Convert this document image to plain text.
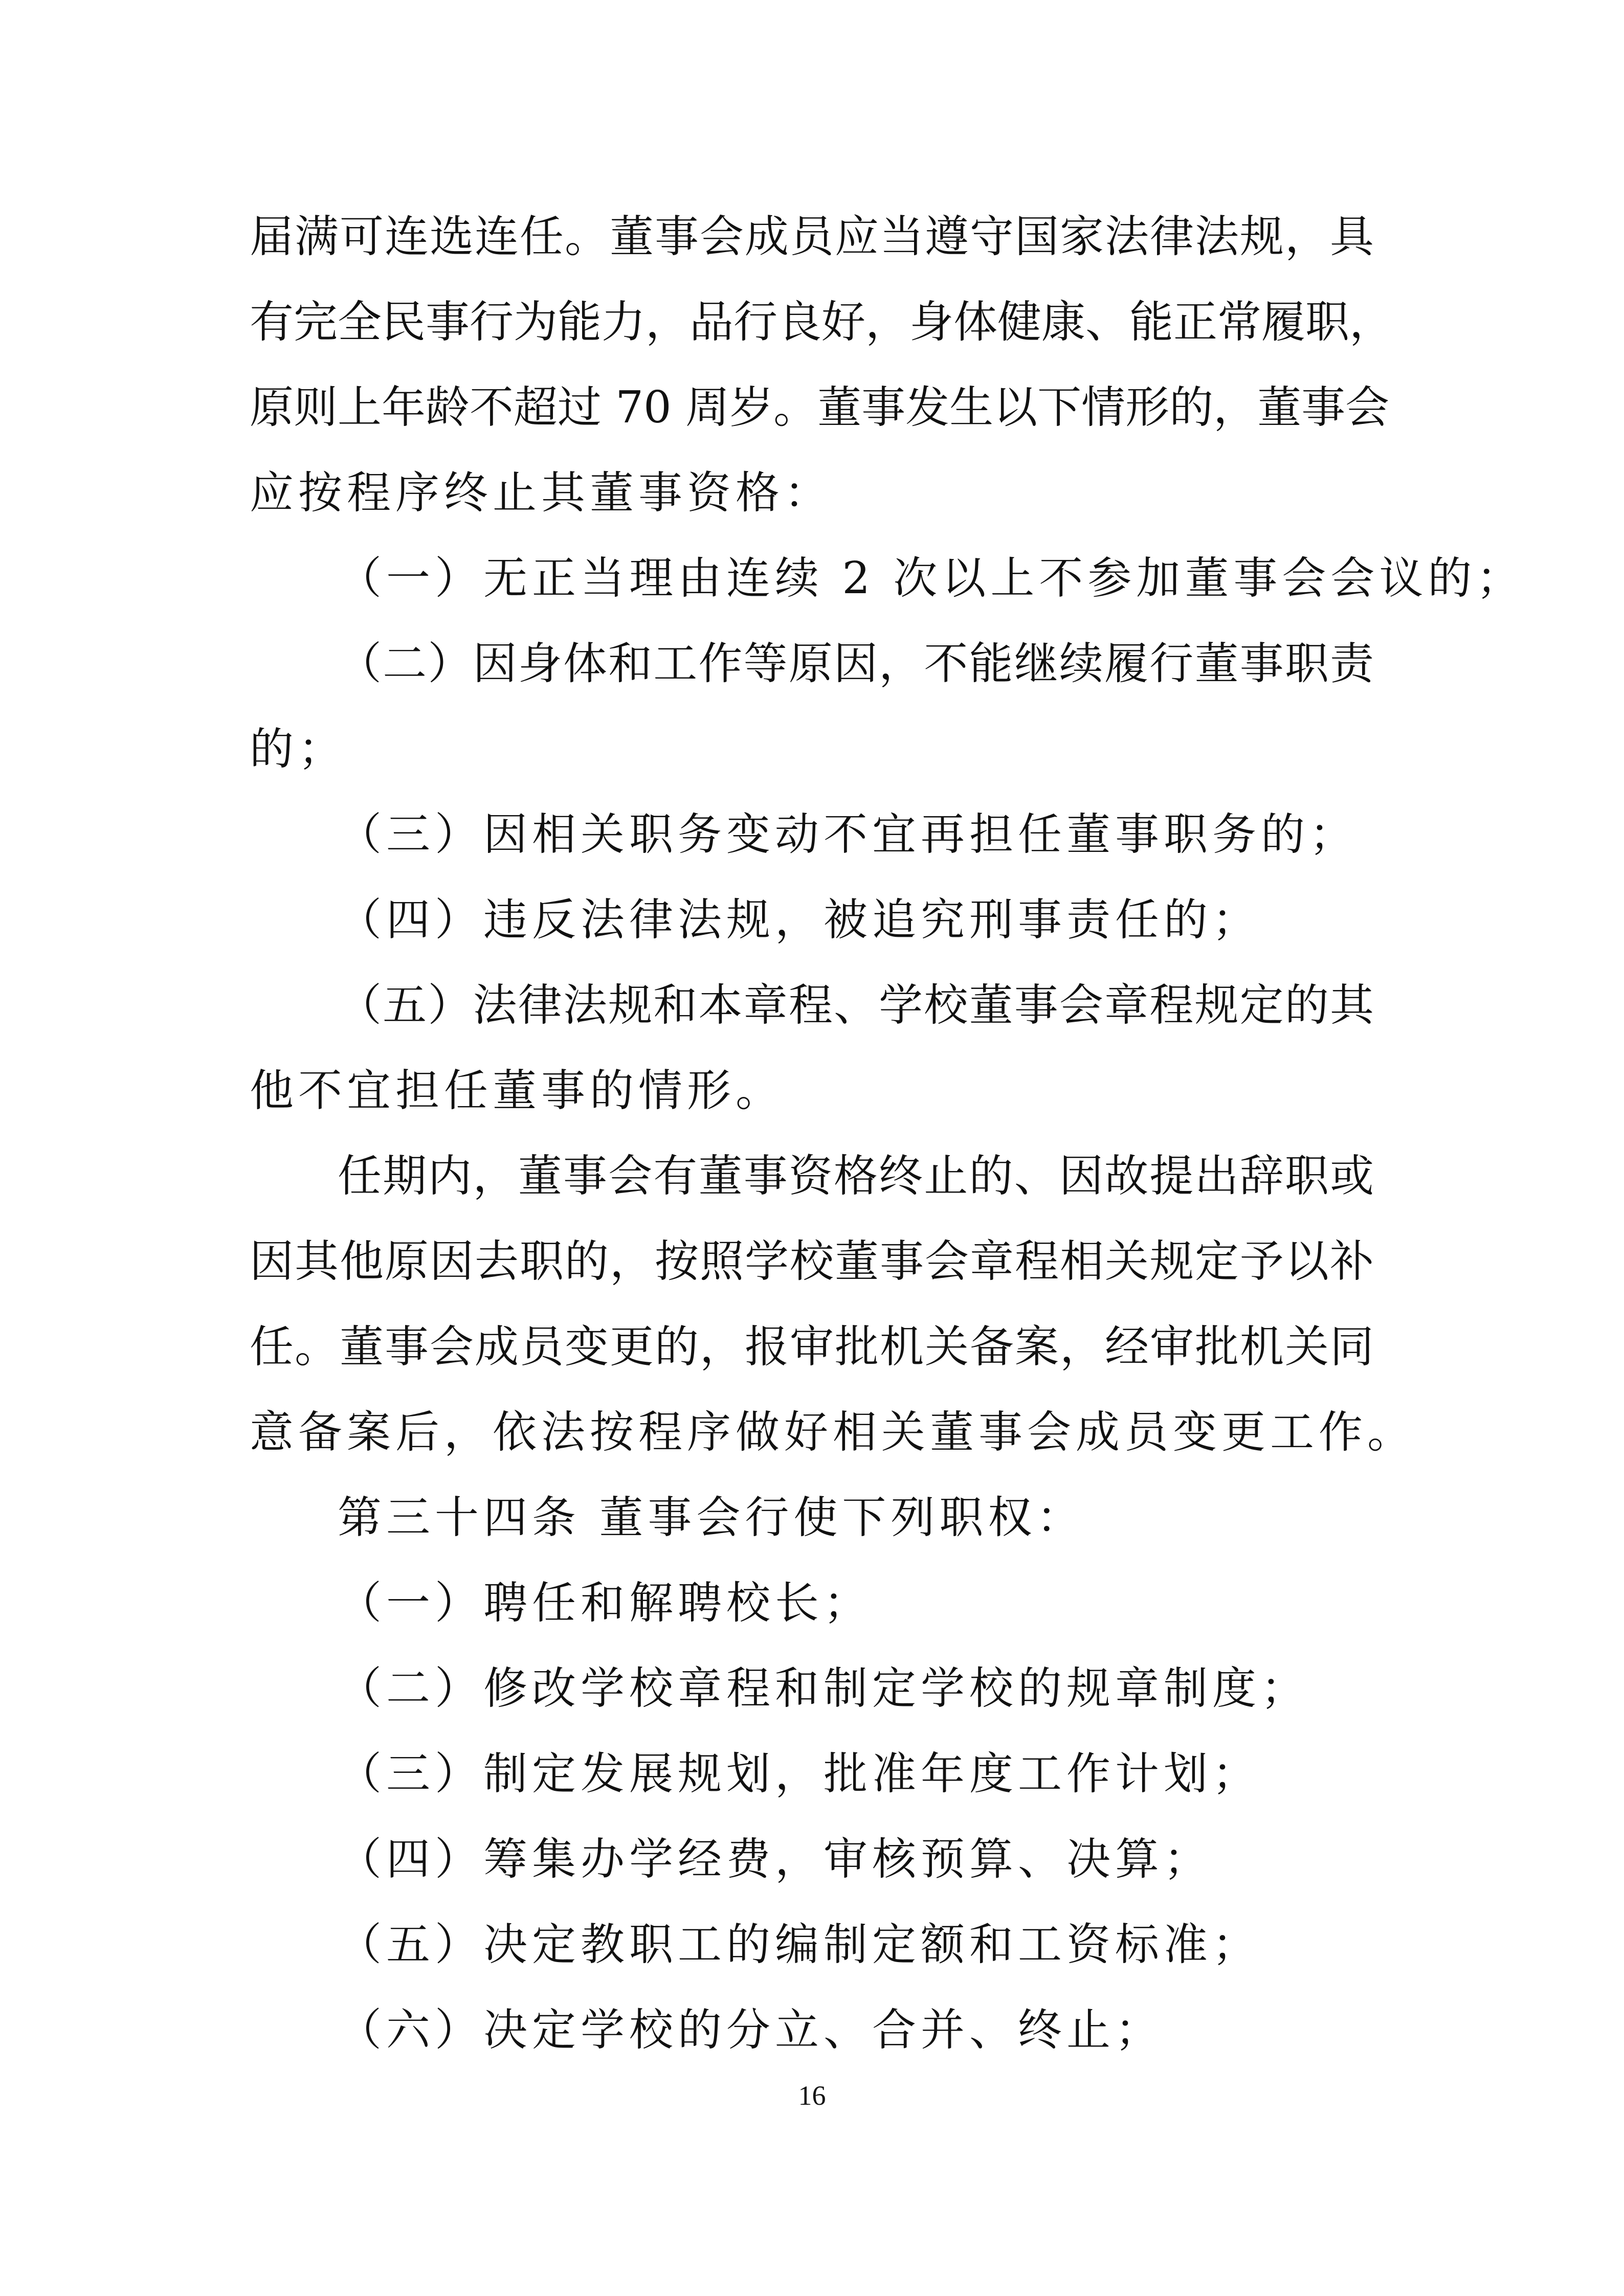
届满可连选连任。董事会成员应当遵守国家法律法规，具
有完全民事行为能力，品行良好，身体健康、能正常履职，
原则上年龄不超过 70 周岁。董事发生以下情形的，董事会
应按程序终止其董事资格：
（一）无正当理由连续 2 次以上不参加董事会会议的；
（二）因身体和工作等原因，不能继续履行董事职责
的；
（三）因相关职务变动不宜再担任董事职务的；
（四）违反法律法规，被追究刑事责任的；
（五）法律法规和本章程、学校董事会章程规定的其
他不宜担任董事的情形。
任期内，董事会有董事资格终止的、因故提出辞职或
因其他原因去职的，按照学校董事会章程相关规定予以补
任。董事会成员变更的，报审批机关备案，经审批机关同
意备案后，依法按程序做好相关董事会成员变更工作。
第三十四条 董事会行使下列职权：
（一）聘任和解聘校长；
（二）修改学校章程和制定学校的规章制度；
（三）制定发展规划，批准年度工作计划；
（四）筹集办学经费，审核预算、决算；
（五）决定教职工的编制定额和工资标准；
（六）决定学校的分立、合并、终止；
16
